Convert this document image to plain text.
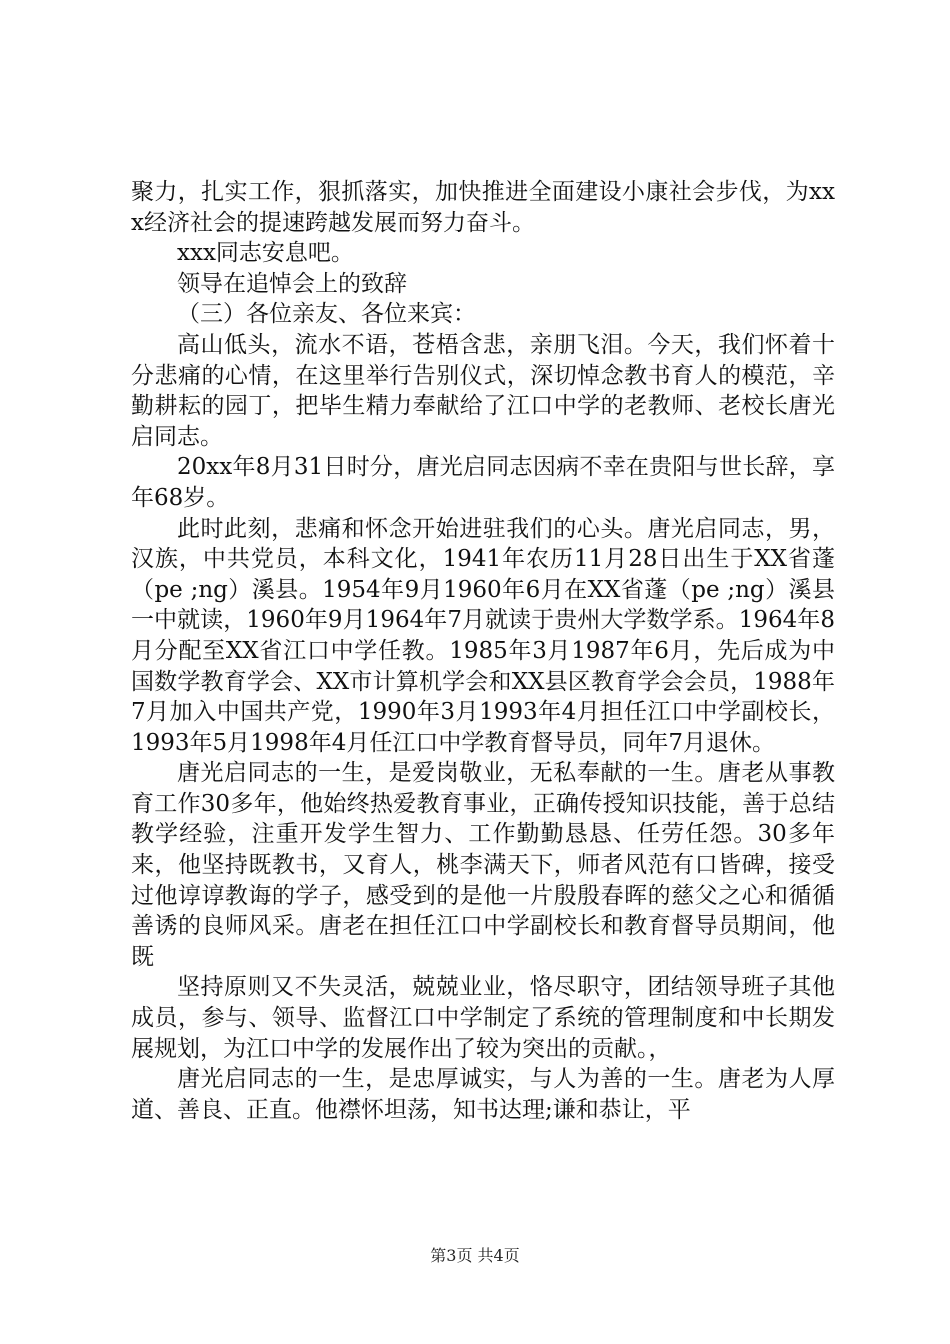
聚力，扎实工作，狠抓落实，加快推进全面建设小康社会步伐，为xxx经济社会的提速跨越发展而努力奋斗。

xxx同志安息吧。

领导在追悼会上的致辞

（三）各位亲友、各位来宾：

高山低头，流水不语，苍梧含悲，亲朋飞泪。今天，我们怀着十分悲痛的心情，在这里举行告别仪式，深切悼念教书育人的模范，辛勤耕耘的园丁，把毕生精力奉献给了江口中学的老教师、老校长唐光启同志。

20xx年8月31日时分，唐光启同志因病不幸在贵阳与世长辞，享年68岁。

此时此刻，悲痛和怀念开始进驻我们的心头。唐光启同志，男，汉族，中共党员，本科文化，1941年农历11月28日出生于XX省蓬（pe ;ng）溪县。1954年9月1960年6月在XX省蓬（pe ;ng）溪县一中就读，1960年9月1964年7月就读于贵州大学数学系。1964年8月分配至XX省江口中学任教。1985年3月1987年6月，先后成为中国数学教育学会、XX市计算机学会和XX县区教育学会会员，1988年7月加入中国共产党，1990年3月1993年4月担任江口中学副校长，1993年5月1998年4月任江口中学教育督导员，同年7月退休。

唐光启同志的一生，是爱岗敬业，无私奉献的一生。唐老从事教育工作30多年，他始终热爱教育事业，正确传授知识技能，善于总结教学经验，注重开发学生智力、工作勤勤恳恳、任劳任怨。30多年来，他坚持既教书，又育人，桃李满天下，师者风范有口皆碑，接受过他谆谆教诲的学子，感受到的是他一片殷殷春晖的慈父之心和循循善诱的良师风采。唐老在担任江口中学副校长和教育督导员期间，他既

坚持原则又不失灵活，兢兢业业，恪尽职守，团结领导班子其他成员，参与、领导、监督江口中学制定了系统的管理制度和中长期发展规划，为江口中学的发展作出了较为突出的贡献。，

唐光启同志的一生，是忠厚诚实，与人为善的一生。唐老为人厚道、善良、正直。他襟怀坦荡，知书达理;谦和恭让，平

第3页 共4页
